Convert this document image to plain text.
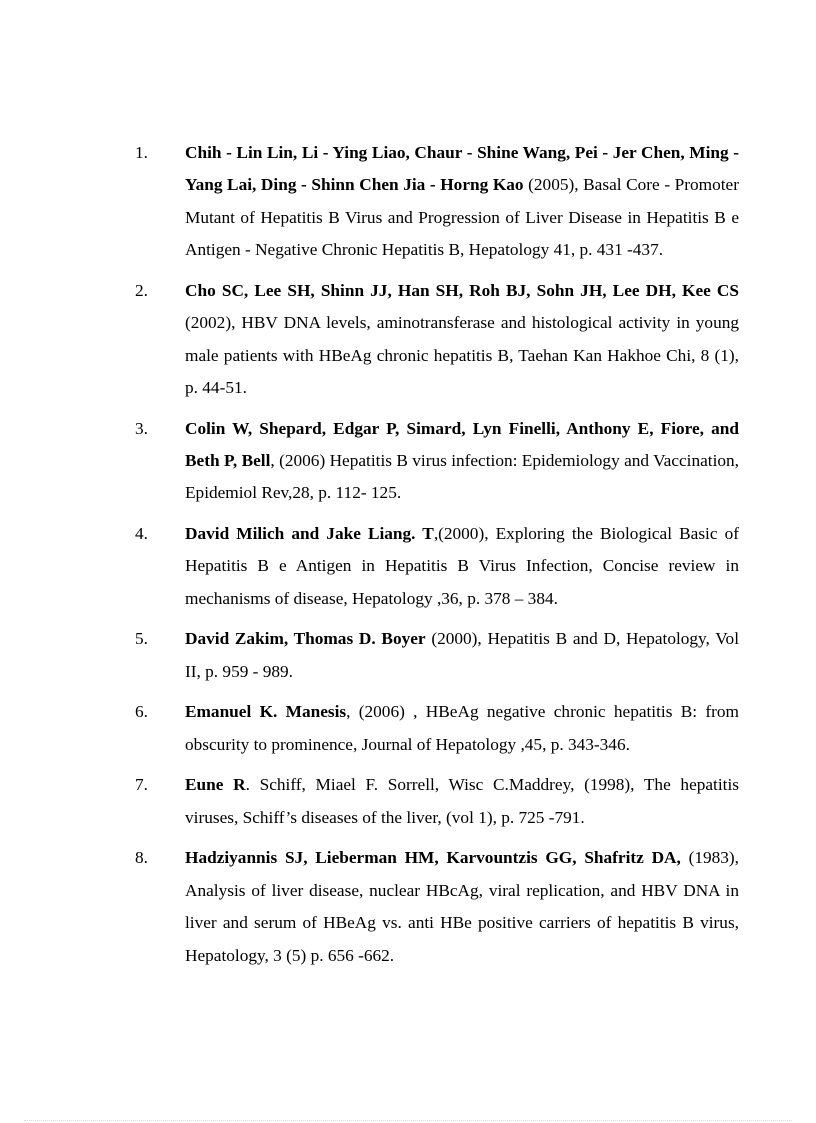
1. Chih - Lin Lin, Li - Ying Liao, Chaur - Shine Wang, Pei - Jer Chen, Ming - Yang Lai, Ding - Shinn Chen Jia - Horng Kao (2005), Basal Core - Promoter Mutant of Hepatitis B Virus and Progression of Liver Disease in Hepatitis B e Antigen - Negative Chronic Hepatitis B, Hepatology 41, p. 431 -437.
2. Cho SC, Lee SH, Shinn JJ, Han SH, Roh BJ, Sohn JH, Lee DH, Kee CS (2002), HBV DNA levels, aminotransferase and histological activity in young male patients with HBeAg chronic hepatitis B, Taehan Kan Hakhoe Chi, 8 (1), p. 44-51.
3. Colin W, Shepard, Edgar P, Simard, Lyn Finelli, Anthony E, Fiore, and Beth P, Bell, (2006) Hepatitis B virus infection: Epidemiology and Vaccination, Epidemiol Rev,28, p. 112- 125.
4. David Milich and Jake Liang. T,(2000), Exploring the Biological Basic of Hepatitis B e Antigen in Hepatitis B Virus Infection, Concise review in mechanisms of disease, Hepatology ,36, p. 378 – 384.
5. David Zakim, Thomas D. Boyer (2000), Hepatitis B and D, Hepatology, Vol II, p. 959 - 989.
6. Emanuel K. Manesis, (2006) , HBeAg negative chronic hepatitis B: from obscurity to prominence, Journal of Hepatology ,45, p. 343-346.
7. Eune R. Schiff, Miael F. Sorrell, Wisc C.Maddrey, (1998), The hepatitis viruses, Schiff’s diseases of the liver, (vol 1), p. 725 -791.
8. Hadziyannis SJ, Lieberman HM, Karvountzis GG, Shafritz DA, (1983), Analysis of liver disease, nuclear HBcAg, viral replication, and HBV DNA in liver and serum of HBeAg vs. anti HBe positive carriers of hepatitis B virus, Hepatology, 3 (5) p. 656 -662.
